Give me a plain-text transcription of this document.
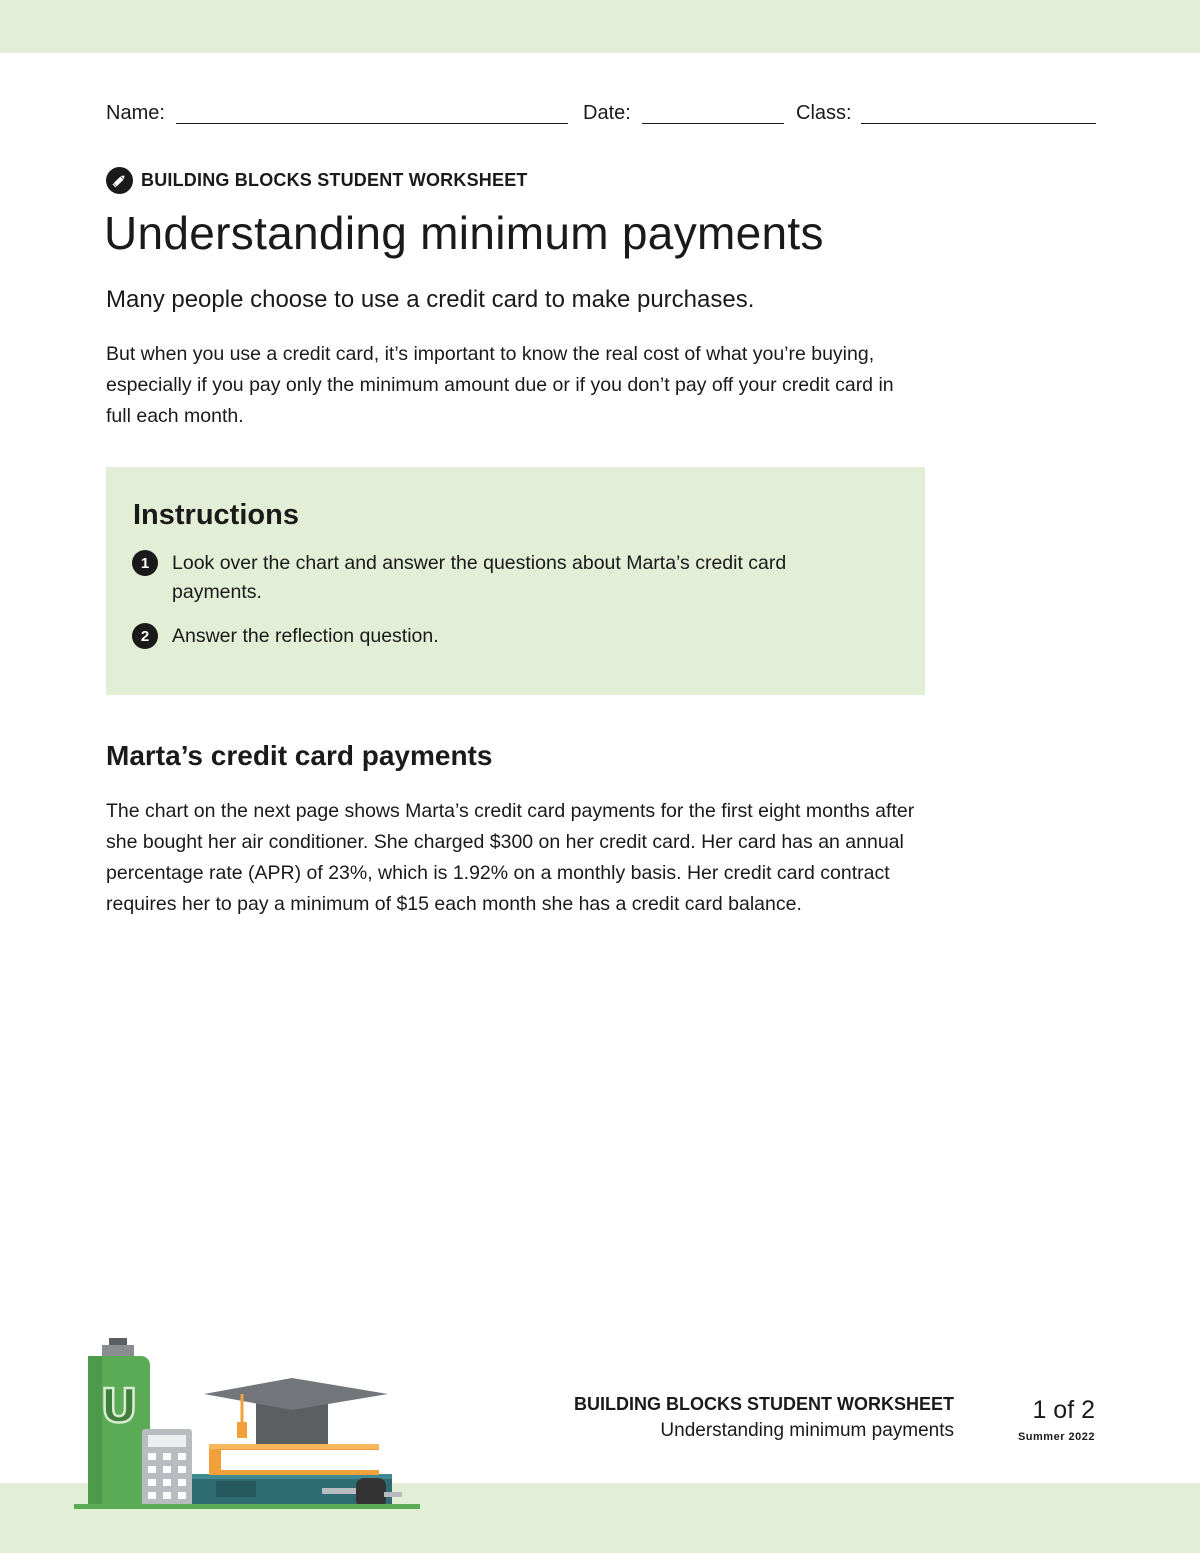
Name:	Date:	Class:
BUILDING BLOCKS STUDENT WORKSHEET
Understanding minimum payments

Many people choose to use a credit card to make purchases.

But when you use a credit card, it’s important to know the real cost of what you’re buying, especially if you pay only the minimum amount due or if you don’t pay off your credit card in full each month.

Instructions
1	Look over the chart and answer the questions about Marta’s credit card payments.
2	Answer the reflection question.
Marta’s credit card payments

The chart on the next page shows Marta’s credit card payments for the first eight months after she bought her air conditioner. She charged $300 on her credit card. Her card has an annual percentage rate (APR) of 23%, which is 1.92% on a monthly basis. Her credit card contract requires her to pay a minimum of $15 each month she has a credit card balance.

U	BUILDING BLOCKS STUDENT WORKSHEET
Understanding minimum payments
1 of 2
Summer 2022
